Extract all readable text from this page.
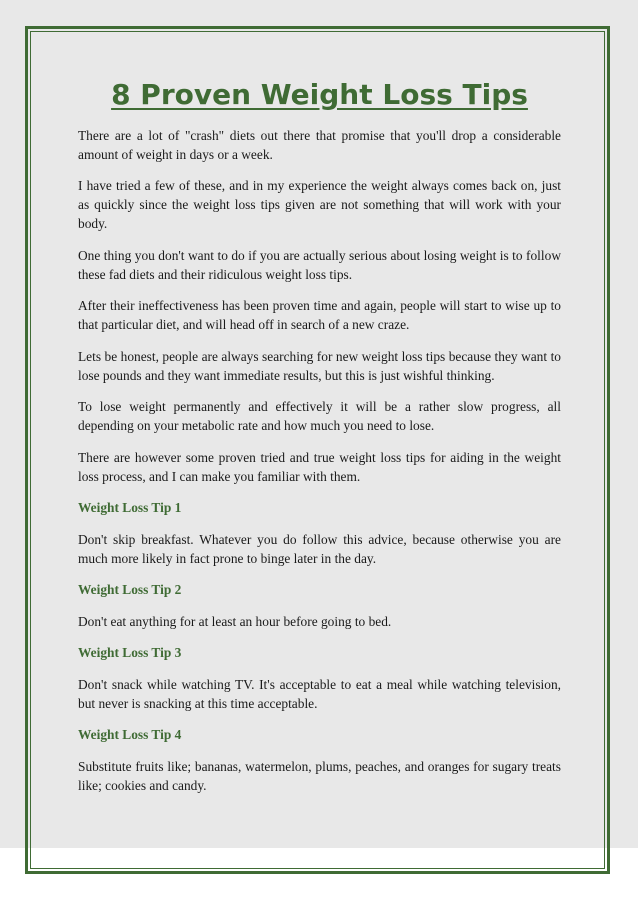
8 Proven Weight Loss Tips

There are a lot of "crash" diets out there that promise that you'll drop a considerable amount of weight in days or a week.

I have tried a few of these, and in my experience the weight always comes back on, just as quickly since the weight loss tips given are not something that will work with your body.

One thing you don't want to do if you are actually serious about losing weight is to follow these fad diets and their ridiculous weight loss tips.

After their ineffectiveness has been proven time and again, people will start to wise up to that particular diet, and will head off in search of a new craze.

Lets be honest, people are always searching for new weight loss tips because they want to lose pounds and they want immediate results, but this is just wishful thinking.

To lose weight permanently and effectively it will be a rather slow progress, all depending on your metabolic rate and how much you need to lose.

There are however some proven tried and true weight loss tips for aiding in the weight loss process, and I can make you familiar with them.

Weight Loss Tip 1

Don't skip breakfast. Whatever you do follow this advice, because otherwise you are much more likely in fact prone to binge later in the day.

Weight Loss Tip 2

Don't eat anything for at least an hour before going to bed.

Weight Loss Tip 3

Don't snack while watching TV. It's acceptable to eat a meal while watching television, but never is snacking at this time acceptable.

Weight Loss Tip 4

Substitute fruits like; bananas, watermelon, plums, peaches, and oranges for sugary treats like; cookies and candy.
